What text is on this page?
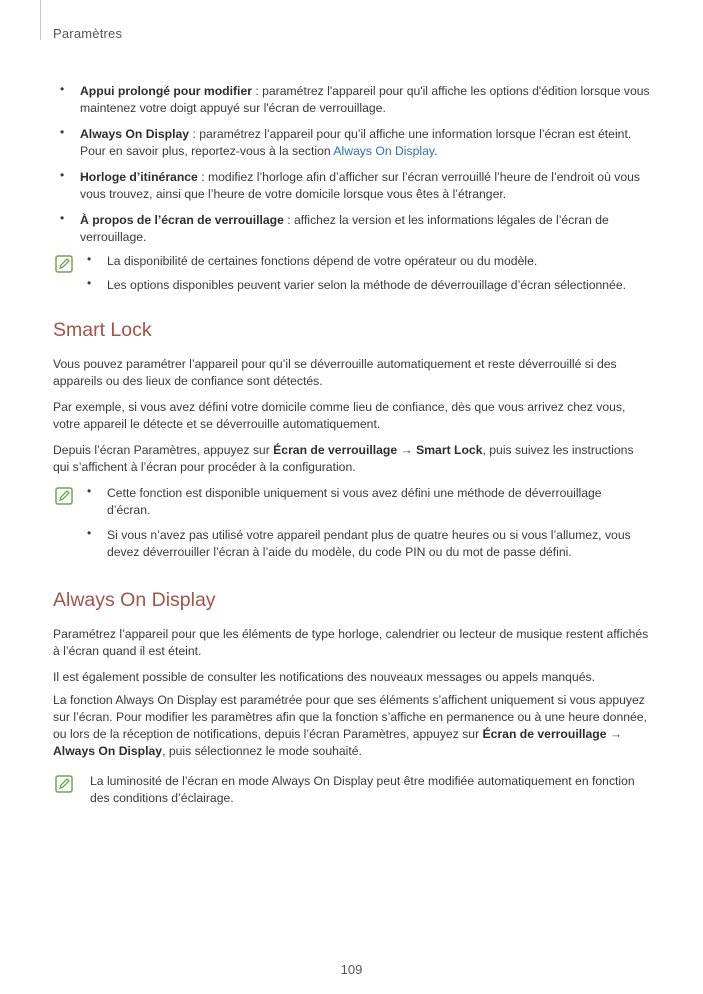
Paramètres
• Appui prolongé pour modifier : paramétrez l'appareil pour qu'il affiche les options d'édition lorsque vous maintenez votre doigt appuyé sur l'écran de verrouillage.
• Always On Display : paramétrez l’appareil pour qu’il affiche une information lorsque l’écran est éteint. Pour en savoir plus, reportez-vous à la section Always On Display.
• Horloge d’itinérance : modifiez l’horloge afin d’afficher sur l’écran verrouillé l’heure de l’endroit où vous vous trouvez, ainsi que l’heure de votre domicile lorsque vous êtes à l’étranger.
• À propos de l’écran de verrouillage : affichez la version et les informations légales de l’écran de verrouillage.
• La disponibilité de certaines fonctions dépend de votre opérateur ou du modèle.
• Les options disponibles peuvent varier selon la méthode de déverrouillage d’écran sélectionnée.
Smart Lock
Vous pouvez paramétrer l’appareil pour qu’il se déverrouille automatiquement et reste déverrouillé si des appareils ou des lieux de confiance sont détectés.
Par exemple, si vous avez défini votre domicile comme lieu de confiance, dès que vous arrivez chez vous, votre appareil le détecte et se déverrouille automatiquement.
Depuis l’écran Paramètres, appuyez sur Écran de verrouillage → Smart Lock, puis suivez les instructions qui s’affichent à l’écran pour procéder à la configuration.
• Cette fonction est disponible uniquement si vous avez défini une méthode de déverrouillage d’écran.
• Si vous n’avez pas utilisé votre appareil pendant plus de quatre heures ou si vous l’allumez, vous devez déverrouiller l’écran à l’aide du modèle, du code PIN ou du mot de passe défini.
Always On Display
Paramétrez l’appareil pour que les éléments de type horloge, calendrier ou lecteur de musique restent affichés à l’écran quand il est éteint.
Il est également possible de consulter les notifications des nouveaux messages ou appels manqués.
La fonction Always On Display est paramétrée pour que ses éléments s’affichent uniquement si vous appuyez sur l’écran. Pour modifier les paramètres afin que la fonction s’affiche en permanence ou à une heure donnée, ou lors de la réception de notifications, depuis l’écran Paramètres, appuyez sur Écran de verrouillage → Always On Display, puis sélectionnez le mode souhaité.
La luminosité de l’écran en mode Always On Display peut être modifiée automatiquement en fonction des conditions d’éclairage.
109
